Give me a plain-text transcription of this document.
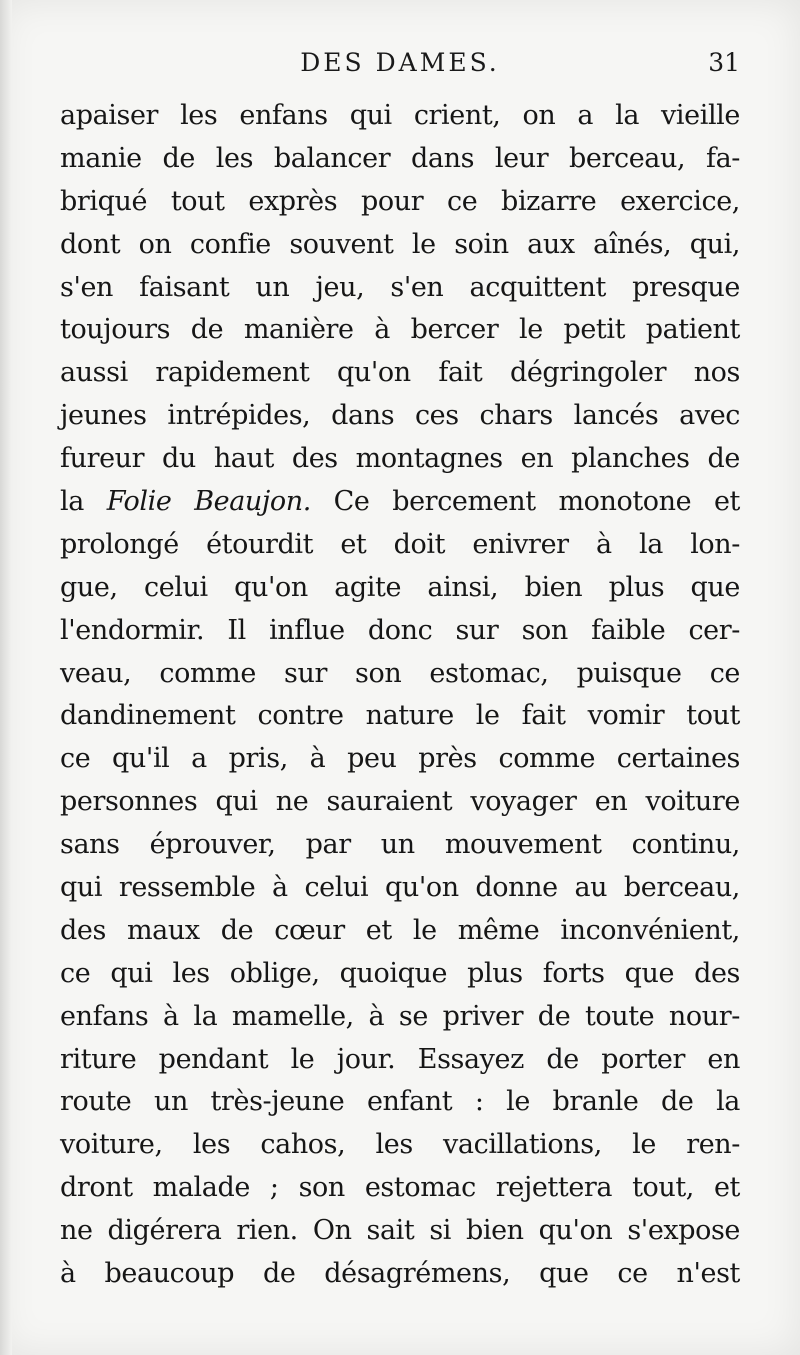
DES DAMES.	31
apaiser les enfans qui crient, on a la vieille
manie de les balancer dans leur berceau, fa-
briqué tout exprès pour ce bizarre exercice,
dont on confie souvent le soin aux aînés, qui,
s'en faisant un jeu, s'en acquittent presque
toujours de manière à bercer le petit patient
aussi rapidement qu'on fait dégringoler nos
jeunes intrépides, dans ces chars lancés avec
fureur du haut des montagnes en planches de
la Folie Beaujon. Ce bercement monotone et
prolongé étourdit et doit enivrer à la lon-
gue, celui qu'on agite ainsi, bien plus que
l'endormir. Il influe donc sur son faible cer-
veau, comme sur son estomac, puisque ce
dandinement contre nature le fait vomir tout
ce qu'il a pris, à peu près comme certaines
personnes qui ne sauraient voyager en voiture
sans éprouver, par un mouvement continu,
qui ressemble à celui qu'on donne au berceau,
des maux de cœur et le même inconvénient,
ce qui les oblige, quoique plus forts que des
enfans à la mamelle, à se priver de toute nour-
riture pendant le jour. Essayez de porter en
route un très-jeune enfant : le branle de la
voiture, les cahos, les vacillations, le ren-
dront malade ; son estomac rejettera tout, et
ne digérera rien. On sait si bien qu'on s'expose
à beaucoup de désagrémens, que ce n'est
